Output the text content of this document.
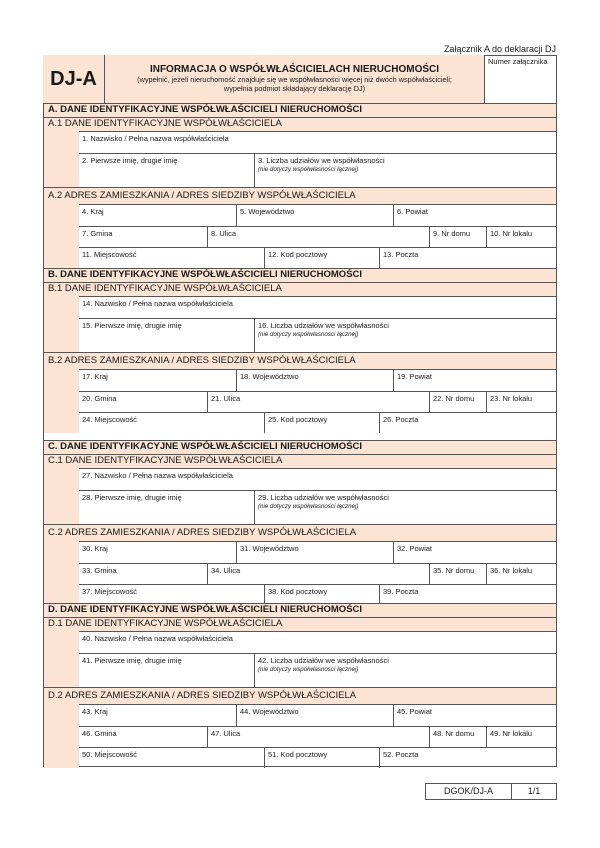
Załącznik A do deklaracji DJ
DJ-A	INFORMACJA O WSPÓŁWŁAŚCICIELACH NIERUCHOMOŚCI
(wypełnić, jeżeli nieruchomość znajduje się we współwłasności więcej niż dwóch współwłaścicieli;
wypełnia podmiot składający deklarację DJ)
Numer załącznika
A. DANE IDENTYFIKACYJNE WSPÓŁWŁAŚCICIELI NIERUCHOMOŚCI
A.1 DANE IDENTYFIKACYJNE WSPÓŁWŁAŚCICIELA
1. Nazwisko / Pełna nazwa współwłaściciela
2. Pierwsze imię, drugie imię	3. Liczba udziałów we współwłasności
(nie dotyczy współwłasności łącznej)
A.2 ADRES ZAMIESZKANIA / ADRES SIEDZIBY WSPÓŁWŁAŚCICIELA
4. Kraj	5. Województwo	6. Powiat
7. Gmina	8. Ulica	9. Nr domu	10. Nr lokalu
11. Miejscowość	12. Kod pocztowy	13. Poczta
B. DANE IDENTYFIKACYJNE WSPÓŁWŁAŚCICIELI NIERUCHOMOŚCI
B.1 DANE IDENTYFIKACYJNE WSPÓŁWŁAŚCICIELA
14. Nazwisko / Pełna nazwa współwłaściciela
15. Pierwsze imię, drugie imię	16. Liczba udziałów we współwłasności
(nie dotyczy współwłasności łącznej)
B.2 ADRES ZAMIESZKANIA / ADRES SIEDZIBY WSPÓŁWŁAŚCICIELA
17. Kraj	18. Województwo	19. Powiat
20. Gmina	21. Ulica	22. Nr domu	23. Nr lokalu
24. Miejscowość	25. Kod pocztowy	26. Poczta
C. DANE IDENTYFIKACYJNE WSPÓŁWŁAŚCICIELI NIERUCHOMOŚCI
C.1 DANE IDENTYFIKACYJNE WSPÓŁWŁAŚCICIELA
27. Nazwisko / Pełna nazwa współwłaściciela
28. Pierwsze imię, drugie imię	29. Liczba udziałów we współwłasności
(nie dotyczy współwłasności łącznej)
C.2 ADRES ZAMIESZKANIA / ADRES SIEDZIBY WSPÓŁWŁAŚCICIELA
30. Kraj	31. Województwo	32. Powiat
33. Gmina	34. Ulica	35. Nr domu	36. Nr lokalu
37. Miejscowość	38. Kod pocztowy	39. Poczta
D. DANE IDENTYFIKACYJNE WSPÓŁWŁAŚCICIELI NIERUCHOMOŚCI
D.1 DANE IDENTYFIKACYJNE WSPÓŁWŁAŚCICIELA
40. Nazwisko / Pełna nazwa współwłaściciela
41. Pierwsze imię, drugie imię	42. Liczba udziałów we współwłasności
(nie dotyczy współwłasności łącznej)
D.2 ADRES ZAMIESZKANIA / ADRES SIEDZIBY WSPÓŁWŁAŚCICIELA
43. Kraj	44. Województwo	45. Powiat
46. Gmina	47. Ulica	48. Nr domu	49. Nr lokalu
50. Miejscowość	51. Kod pocztowy	52. Poczta
DGOK/DJ-A	1/1
